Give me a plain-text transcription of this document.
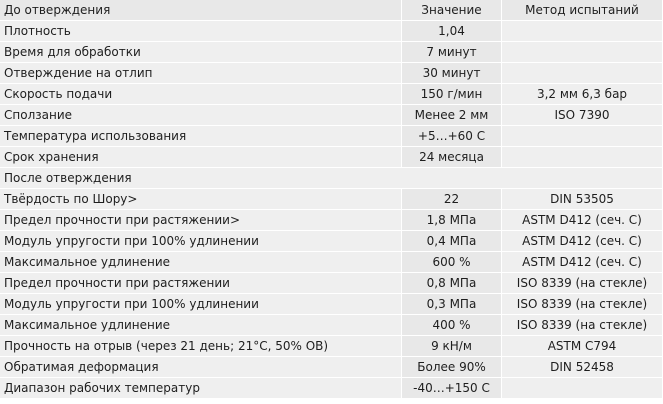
До отверждения	Значение	Метод испытаний
Плотность	1,04	
Время для обработки	7 минут	
Отверждение на отлип	30 минут	
Скорость подачи	150 г/мин	3,2 мм 6,3 бар
Сползание	Менее 2 мм	ISO 7390
Температура использования	+5…+60 С	
Срок хранения	24 месяца	
После отверждения		
Твёрдость по Шору>	22	DIN 53505
Предел прочности при растяжении>	1,8 МПа	ASTM D412 (сеч. С)
Модуль упругости при 100% удлинении	0,4 МПа	ASTM D412 (сеч. С)
Максимальное удлинение	600 %	ASTM D412 (сеч. С)
Предел прочности при растяжении	0,8 МПа	ISO 8339 (на стекле)
Модуль упругости при 100% удлинении	0,3 МПа	ISO 8339 (на стекле)
Максимальное удлинение	400 %	ISO 8339 (на стекле)
Прочность на отрыв (через 21 день; 21°С, 50% ОВ)	9 кН/м	ASTM C794
Обратимая деформация	Более 90%	DIN 52458
Диапазон рабочих температур	-40…+150 С	
